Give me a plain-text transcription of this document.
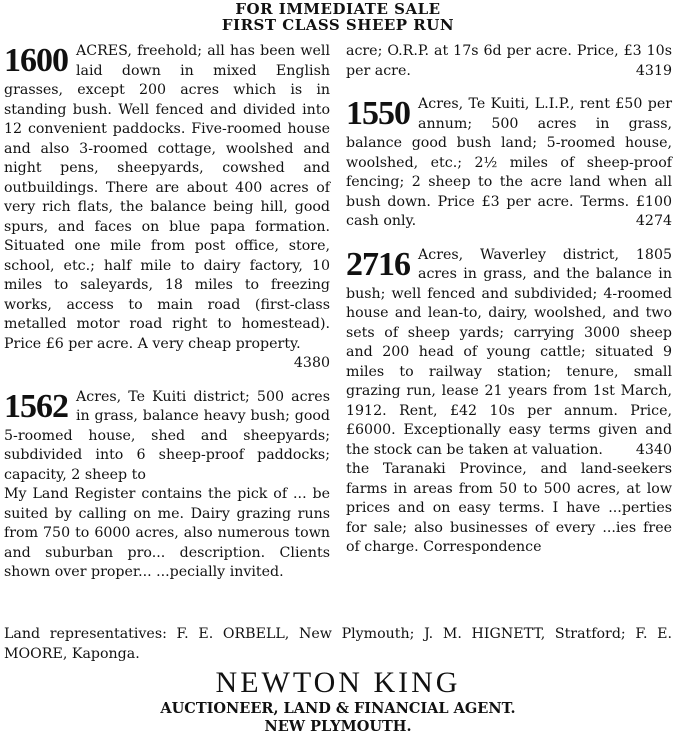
FOR IMMEDIATE SALE
FIRST CLASS SHEEP RUN
1600 ACRES, freehold; all has been well laid down in mixed English grasses, except 200 acres which is in standing bush. Well fenced and divided into 12 convenient paddocks. Five-roomed house and also 3-roomed cottage, woolshed and night pens, sheepyards, cowshed and outbuildings. There are about 400 acres of very rich flats, the balance being hill, good spurs, and faces on blue papa formation. Situated one mile from post office, store, school, etc.; half mile to dairy factory, 10 miles to saleyards, 18 miles to freezing works, access to main road (first-class metalled motor road right to homestead). Price £6 per acre. A very cheap property.
4380
1562 Acres, Te Kuiti district; 500 acres in grass, balance heavy bush; good 5-roomed house, shed and sheepyards; subdivided into 6 sheep-proof paddocks; capacity, 2 sheep to

My Land Register contains the pick of ... be suited by calling on me. Dairy grazing runs from 750 to 6000 acres, also numerous town and suburban pro... description. Clients shown over proper... ...pecially invited.

acre; O.R.P. at 17s 6d per acre. Price, £3 10s per acre.	4319
1550 Acres, Te Kuiti, L.I.P., rent £50 per annum; 500 acres in grass, balance good bush land; 5-roomed house, woolshed, etc.; 2½ miles of sheep-proof fencing; 2 sheep to the acre land when all bush down. Price £3 per acre. Terms. £100 cash only.	4274
2716 Acres, Waverley district, 1805 acres in grass, and the balance in bush; well fenced and subdivided; 4-roomed house and lean-to, dairy, woolshed, and two sets of sheep yards; carrying 3000 sheep and 200 head of young cattle; situated 9 miles to railway station; tenure, small grazing run, lease 21 years from 1st March, 1912. Rent, £42 10s per annum. Price, £6000. Exceptionally easy terms given and the stock can be taken at valuation. 4340

the Taranaki Province, and land-seekers farms in areas from 50 to 500 acres, at low prices and on easy terms. I have ...perties for sale; also businesses of every ...ies free of charge. Correspondence

Land representatives: F. E. ORBELL, New Plymouth; J. M. HIGNETT, Stratford; F. E. MOORE, Kaponga.
NEWTON KING
AUCTIONEER, LAND & FINANCIAL AGENT.
NEW PLYMOUTH.
